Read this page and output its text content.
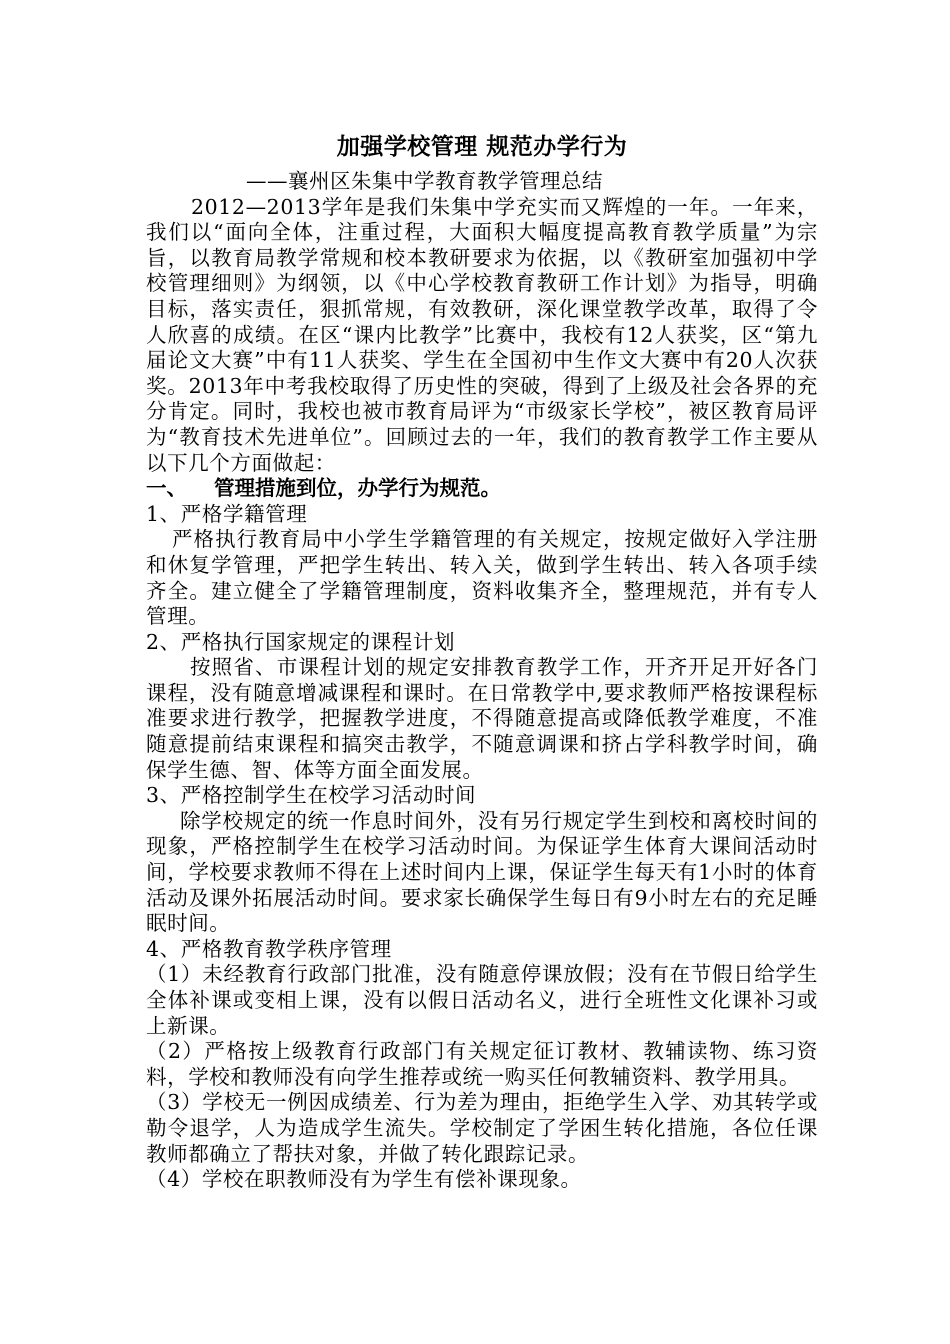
加强学校管理 规范办学行为

——襄州区朱集中学教育教学管理总结

2012—2013学年是我们朱集中学充实而又辉煌的一年。一年来，我们以“面向全体，注重过程，大面积大幅度提高教育教学质量”为宗旨，以教育局教学常规和校本教研要求为依据，以《教研室加强初中学校管理细则》为纲领，以《中心学校教育教研工作计划》为指导，明确目标，落实责任，狠抓常规，有效教研，深化课堂教学改革，取得了令人欣喜的成绩。在区“课内比教学”比赛中，我校有12人获奖，区“第九届论文大赛”中有11人获奖、学生在全国初中生作文大赛中有20人次获奖。2013年中考我校取得了历史性的突破，得到了上级及社会各界的充分肯定。同时，我校也被市教育局评为“市级家长学校”，被区教育局评为“教育技术先进单位”。回顾过去的一年，我们的教育教学工作主要从以下几个方面做起：

一、	管理措施到位，办学行为规范。

1、严格学籍管理

严格执行教育局中小学生学籍管理的有关规定，按规定做好入学注册和休复学管理，严把学生转出、转入关，做到学生转出、转入各项手续齐全。建立健全了学籍管理制度，资料收集齐全，整理规范，并有专人管理。

2、严格执行国家规定的课程计划

按照省、市课程计划的规定安排教育教学工作，开齐开足开好各门课程，没有随意增减课程和课时。在日常教学中,要求教师严格按课程标准要求进行教学，把握教学进度，不得随意提高或降低教学难度，不准随意提前结束课程和搞突击教学，不随意调课和挤占学科教学时间，确保学生德、智、体等方面全面发展。

3、严格控制学生在校学习活动时间

除学校规定的统一作息时间外，没有另行规定学生到校和离校时间的现象，严格控制学生在校学习活动时间。为保证学生体育大课间活动时间，学校要求教师不得在上述时间内上课，保证学生每天有1小时的体育活动及课外拓展活动时间。要求家长确保学生每日有9小时左右的充足睡眠时间。

4、严格教育教学秩序管理

（1）未经教育行政部门批准，没有随意停课放假；没有在节假日给学生全体补课或变相上课，没有以假日活动名义，进行全班性文化课补习或上新课。

（2）严格按上级教育行政部门有关规定征订教材、教辅读物、练习资料，学校和教师没有向学生推荐或统一购买任何教辅资料、教学用具。

（3）学校无一例因成绩差、行为差为理由，拒绝学生入学、劝其转学或勒令退学，人为造成学生流失。学校制定了学困生转化措施，各位任课教师都确立了帮扶对象，并做了转化跟踪记录。

（4）学校在职教师没有为学生有偿补课现象。
